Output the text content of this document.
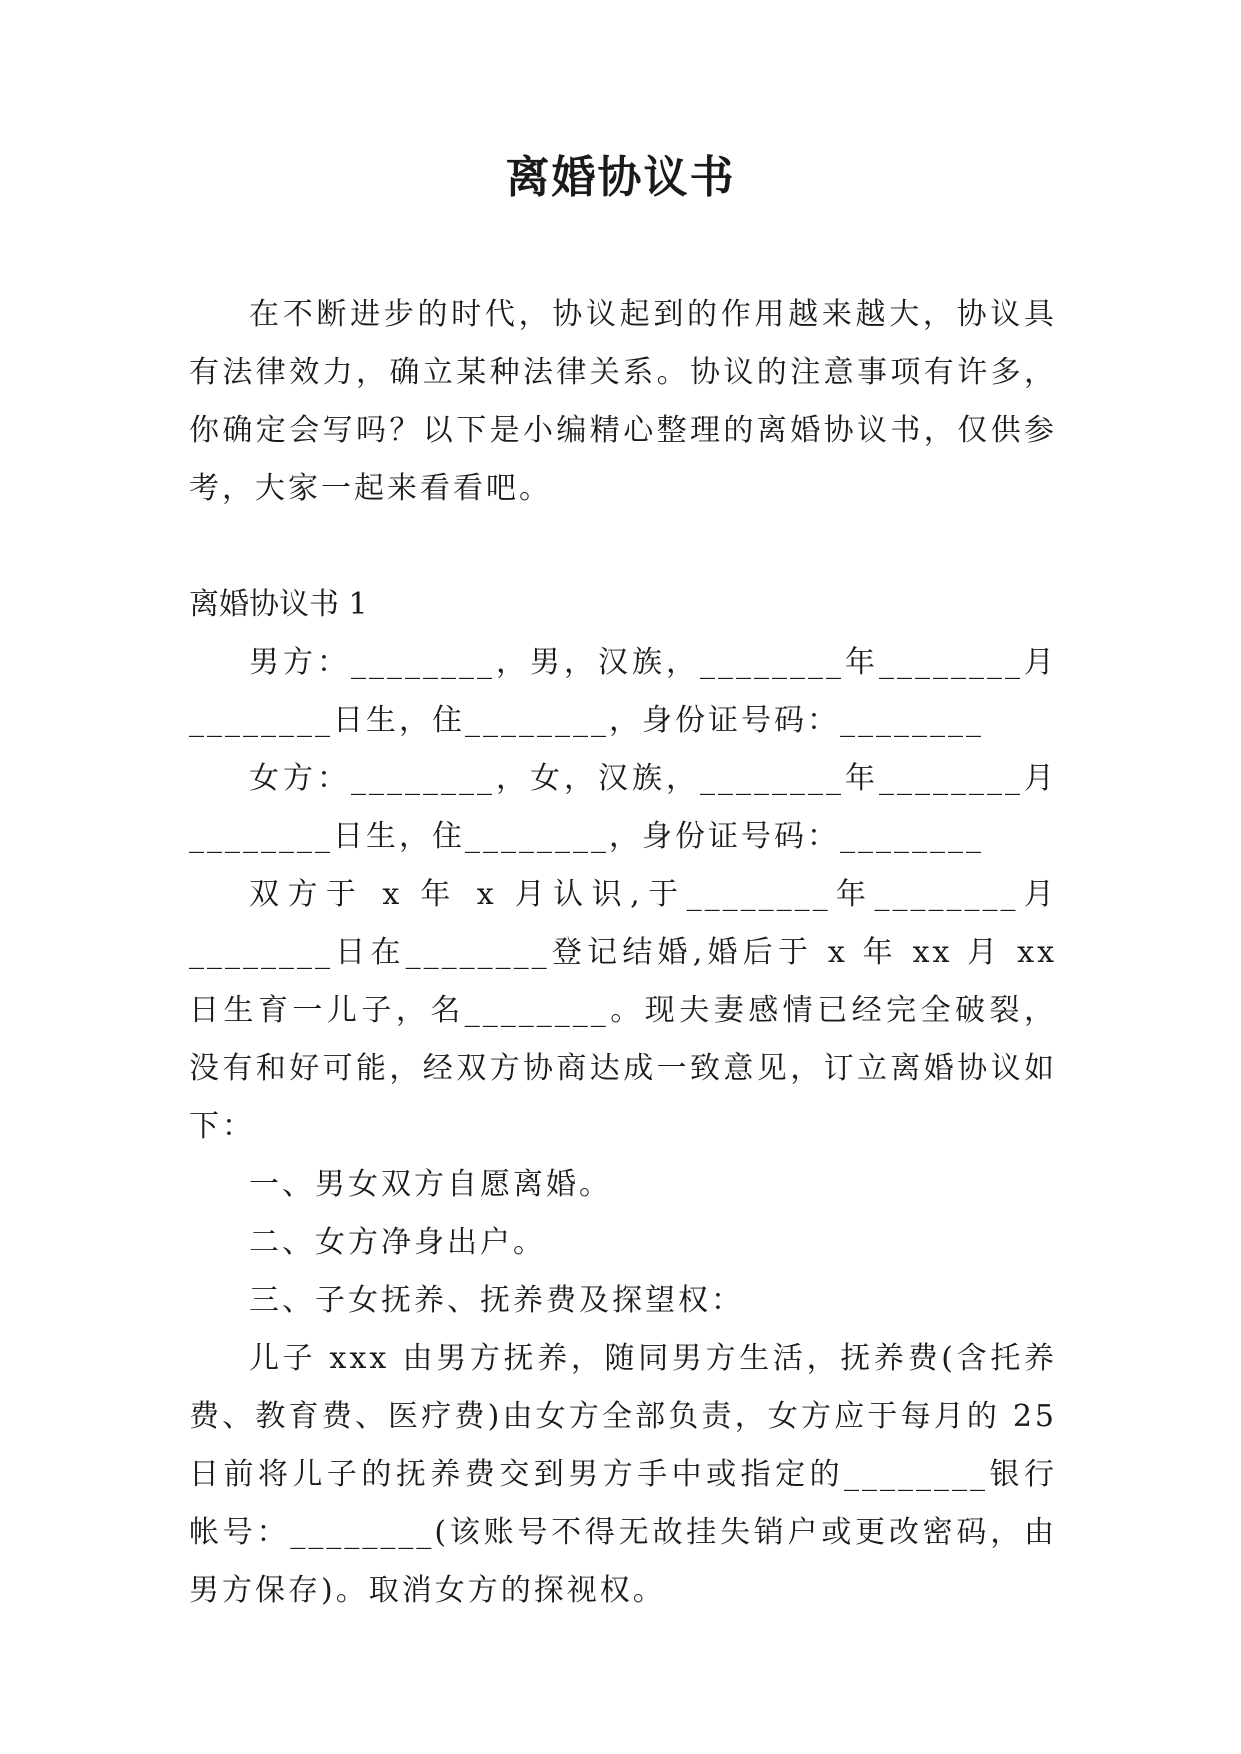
离婚协议书

在不断进步的时代，协议起到的作用越来越大，协议具有法律效力，确立某种法律关系。协议的注意事项有许多，你确定会写吗？以下是小编精心整理的离婚协议书，仅供参考，大家一起来看看吧。

离婚协议书 1

男方：________，男，汉族，________年________月________日生，住________，身份证号码：________

女方：________，女，汉族，________年________月________日生，住________，身份证号码：________

双方于 x 年 x 月认识,于________年________月________日在________登记结婚,婚后于 x 年 xx 月 xx 日生育一儿子，名________。现夫妻感情已经完全破裂，没有和好可能，经双方协商达成一致意见，订立离婚协议如下：

一、男女双方自愿离婚。

二、女方净身出户。

三、子女抚养、抚养费及探望权：

儿子 xxx 由男方抚养，随同男方生活，抚养费(含托养费、教育费、医疗费)由女方全部负责，女方应于每月的 25 日前将儿子的抚养费交到男方手中或指定的________银行帐号：________(该账号不得无故挂失销户或更改密码，由男方保存)。取消女方的探视权。
